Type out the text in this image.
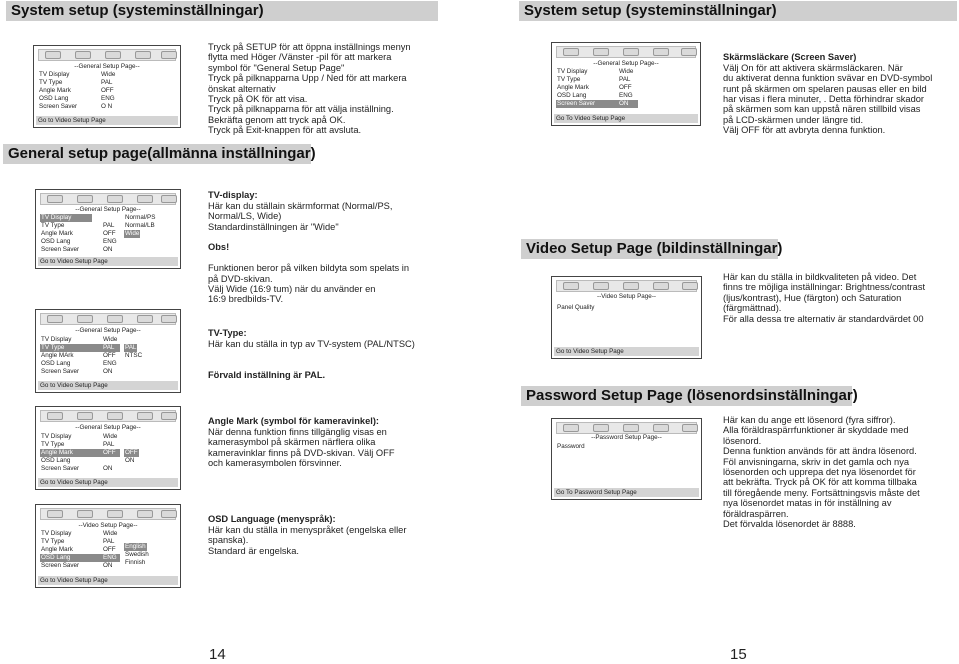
System setup (systeminställningar)
--General Setup Page--
TV Display	Wide
TV Type	PAL
Angle Mark	OFF
OSD Lang	ENG
Screen Saver	O N
Go to Video Setup Page
Tryck på SETUP för att öppna inställnings menyn
flytta med Höger /Vänster -pil för att markera
symbol för "General Setup Page"
Tryck på pilknapparna Upp / Ned för att markera
önskat alternativ
Tryck på OK för att visa.
Tryck på pilknapparna för att välja inställning.
Bekräfta genom att tryck apå OK.
Tryck på Exit-knappen för att avsluta.
General setup page(allmänna inställningar)
--General Setup Page--
TV Display	Wide
TV Type	PAL
Angle Mark	OFF
OSD Lang	ENG
Screen Saver	ON
Normal/PS
Normal/LB
Wide
Go to Video Setup Page

TV-display:

Här kan du ställain skärmformat (Normal/PS,
Normal/LS, Wide)
Standardinställningen är "Wide"

Obs!

Funktionen beror på vilken bildyta som spelats in
på DVD-skivan.
Välj Wide (16:9 tum) när du använder en
16:9 bredbilds-TV.

--General Setup Page--
TV Display	Wide
TV Type	PAL
Angle MArk	OFF
OSD Lang	ENG
Screen Saver	ON
PAL
NTSC
Go to Video Setup Page

TV-Type:

Här kan du ställa in typ av TV-system (PAL/NTSC)

Förvald inställning är PAL.

--General Setup Page--
TV Display	Wide
TV Type	PAL
Angle Mark	OFF
OSD Lang
Screen Saver	ON
OFF
ON
Go to Video Setup Page

Angle Mark (symbol för kameravinkel):

När denna funktion finns tillgänglig visas en
kamerasymbol på skärmen närflera olika
kameravinklar finns på DVD-skivan. Välj OFF
och kamerasymbolen försvinner.

--Video Setup Page--
TV Display	Wide
TV Type	PAL
Angle Mark	OFF
OSD Lang	ENG
Screen Saver	ON
English
Swedish
Finnish
Go to Video Setup Page

OSD Language (menyspråk):

Här kan du ställa in menyspråket (engelska eller
spanska).
Standard är engelska.

14
System setup (systeminställningar)
--General Setup Page--
TV Display	Wide
TV Type	PAL
Angle Mark	OFF
OSD Lang	ENG
Screen Saver	ON
Go To Video Setup Page

Skärmsläckare (Screen Saver)

Välj On för att aktivera skärmsläckaren. När
du aktiverat denna funktion svävar en DVD-symbol
runt på skärmen om spelaren pausas eller en bild
har visas i flera minuter, . Detta förhindrar skador
på skärmen som kan uppstå nären stillbild visas
på LCD-skärmen under längre tid.
Välj OFF för att avbryta denna funktion.

Video Setup Page (bildinställningar)
--Video Setup Page--
Panel Quality
Go to Video Setup Page
Här kan du ställa in bildkvaliteten på video. Det
finns tre möjliga inställningar: Brightness/contrast
(ljus/kontrast), Hue (färgton) och Saturation
(färgmättnad).
För alla dessa tre alternativ är standardvärdet 00
Password Setup Page (lösenordsinställningar)
--Password Setup Page--
Password
Go To Password Setup Page
Här kan du ange ett lösenord (fyra siffror).
Alla föräldraspärrfunktioner är skyddade med
lösenord.
Denna funktion används för att ändra lösenord.
Föl anvisningarna, skriv in det gamla och nya
lösenorden och upprepa det nya lösenordet för
att bekräfta. Tryck på OK för att komma tillbaka
till föregående meny. Fortsättningsvis måste det
nya lösenordet matas in för inställning av
föräldraspärren.
Det förvalda lösenordet är 8888.
15
